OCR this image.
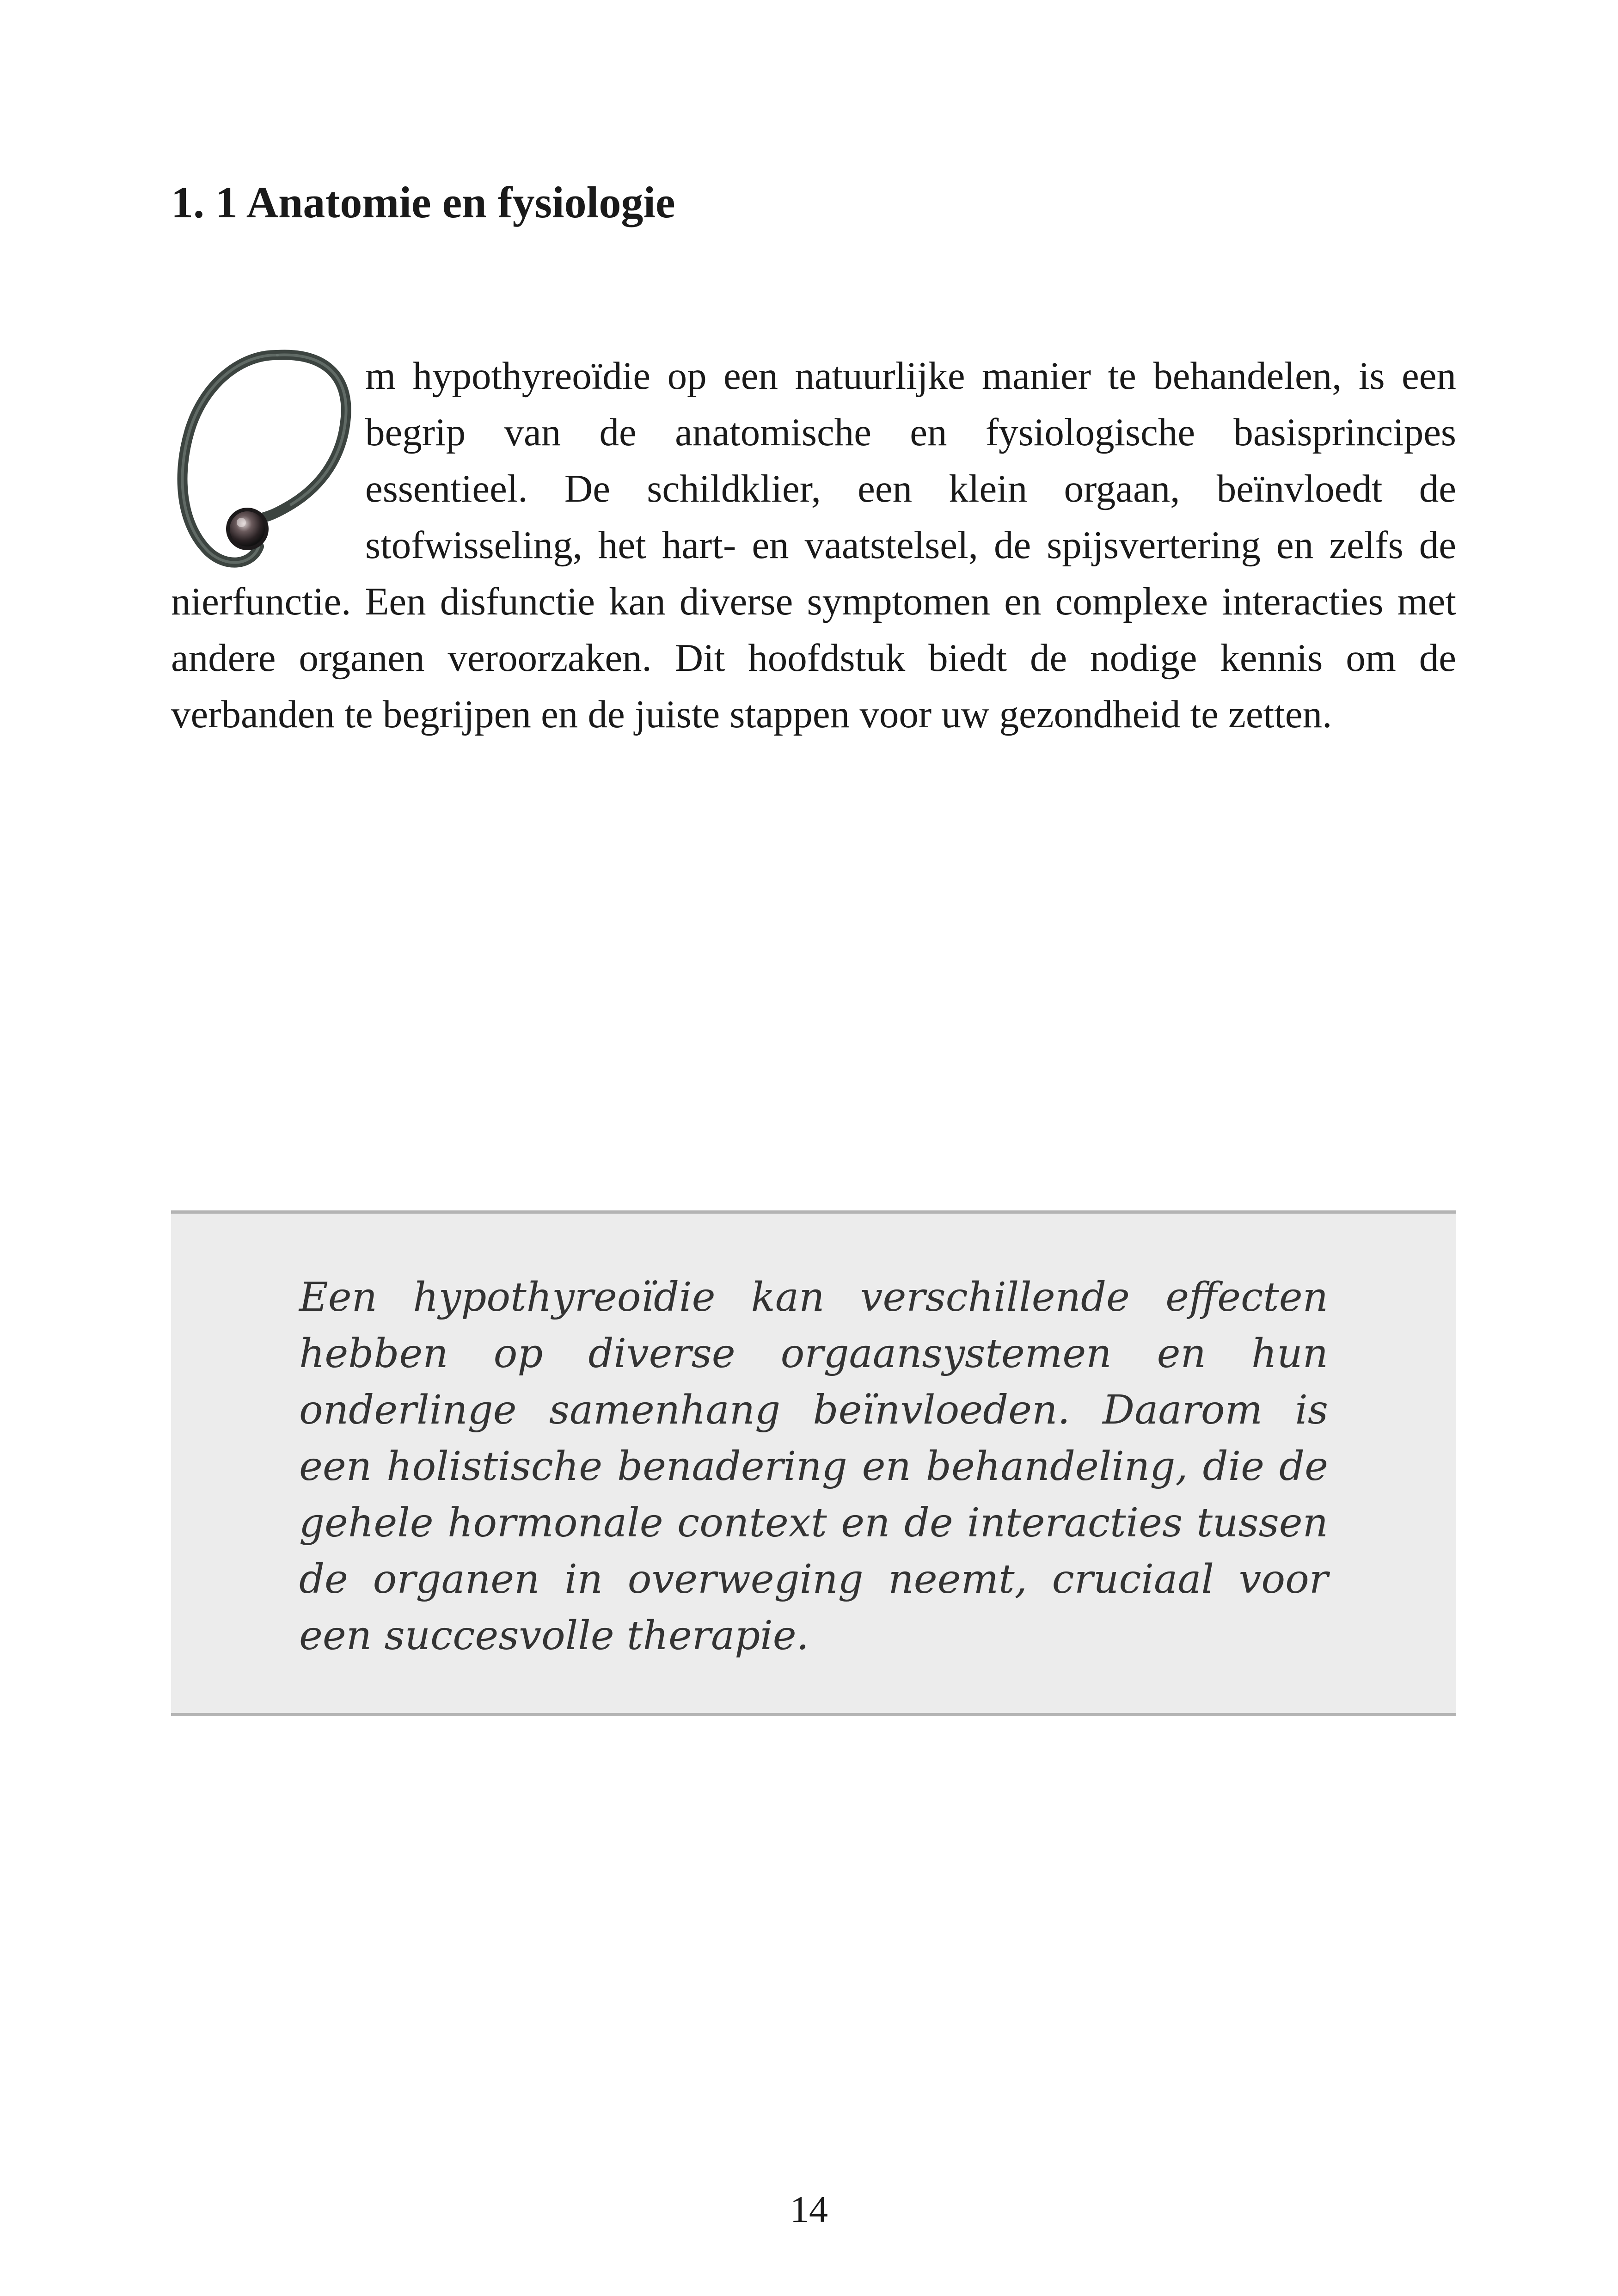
1. 1 Anatomie en fysiologie

m hypothyreoïdie op een natuurlijke manier te behandelen, is een begrip van de anatomische en fysiologische basisprincipes essentieel. De schildklier, een klein orgaan, beïnvloedt de stofwisseling, het hart- en vaatstelsel, de spijsvertering en zelfs de nierfunctie. Een disfunctie kan diverse symptomen en complexe interacties met andere organen veroorzaken. Dit hoofdstuk biedt de nodige kennis om de verbanden te begrijpen en de juiste stappen voor uw gezondheid te zetten.

Een hypothyreoïdie kan verschillende effecten hebben op diverse orgaansystemen en hun onderlinge samenhang beïnvloeden. Daarom is een holistische benadering en behandeling, die de gehele hormonale context en de interacties tussen de organen in overweging neemt, cruciaal voor een succesvolle therapie.

14
